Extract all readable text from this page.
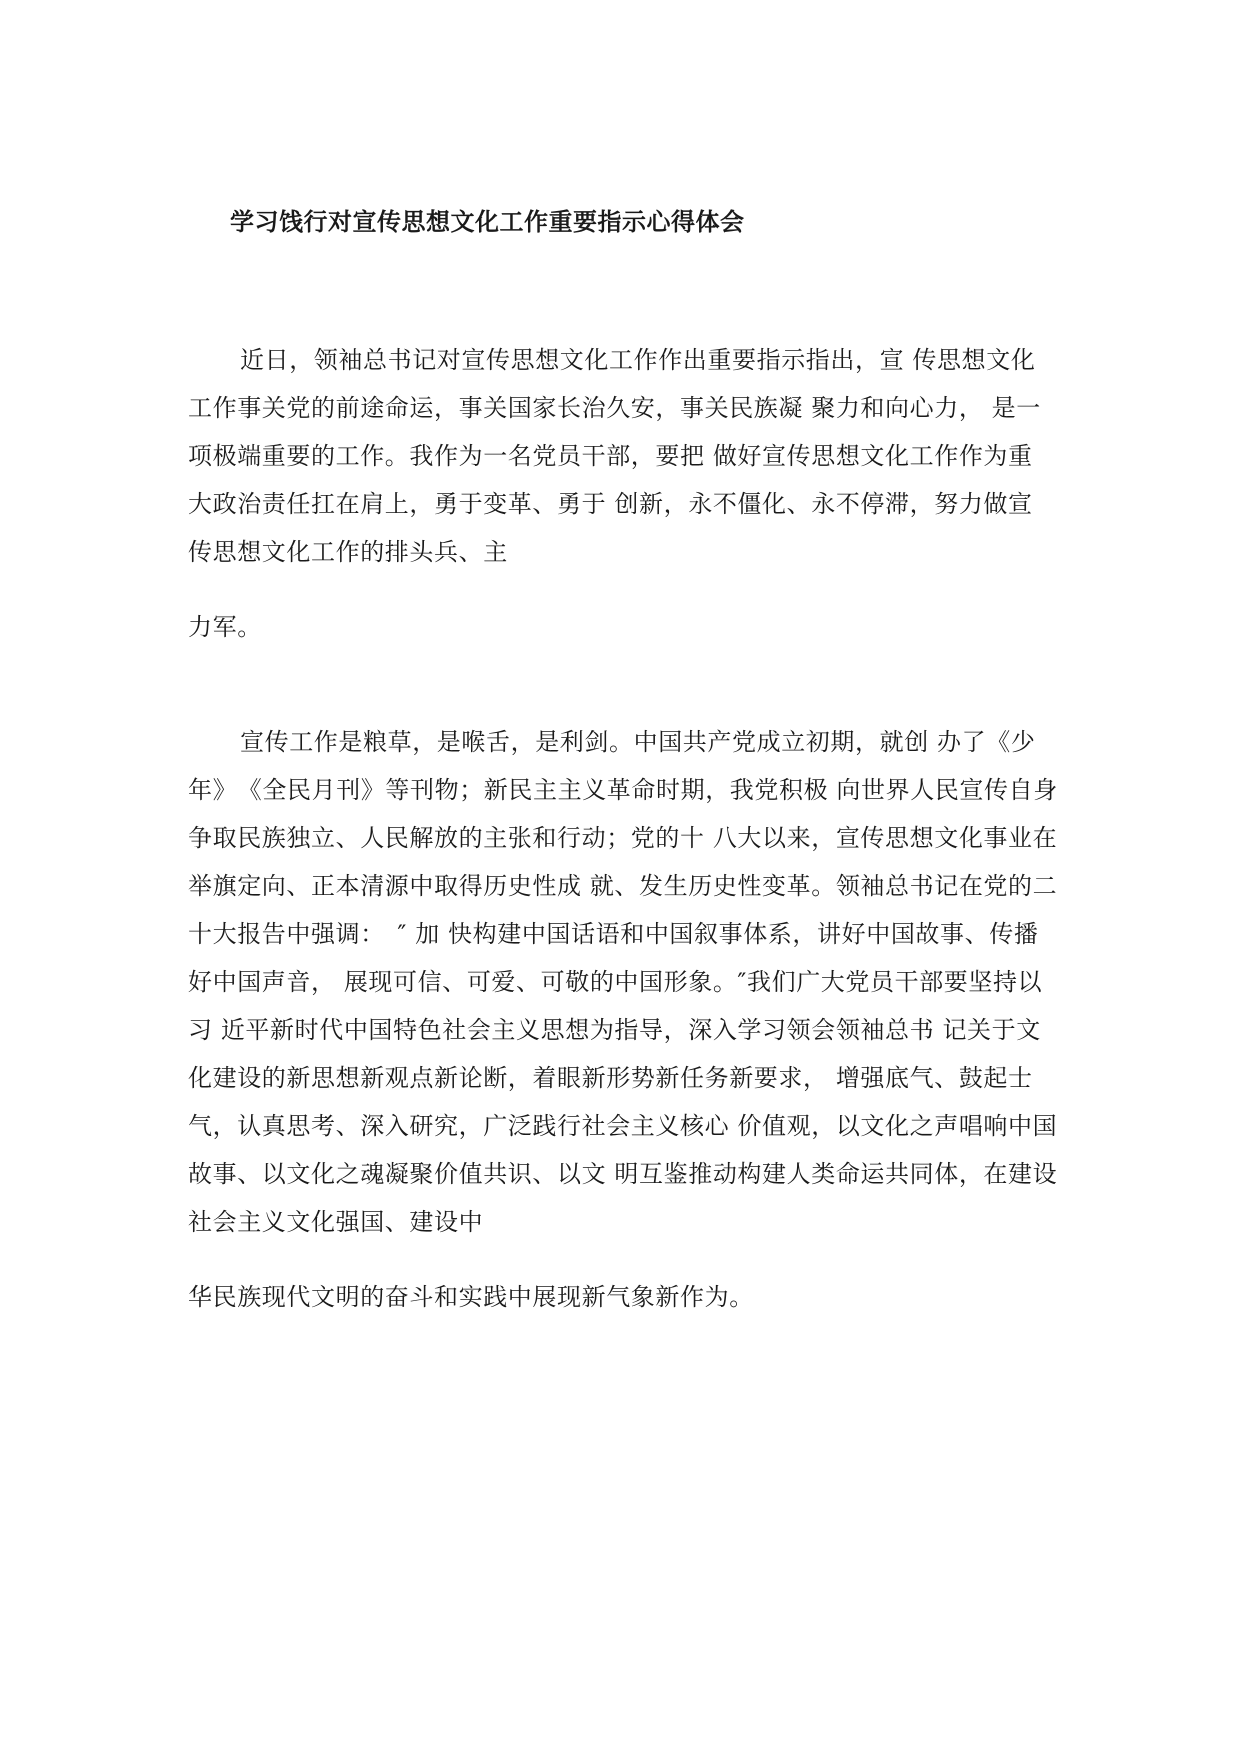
学习饯行对宣传思想文化工作重要指示心得体会
近日，领袖总书记对宣传思想文化工作作出重要指示指出，宣 传思想文化
工作事关党的前途命运，事关国家长治久安，事关民族凝 聚力和向心力， 是一
项极端重要的工作。我作为一名党员干部，要把 做好宣传思想文化工作作为重
大政治责任扛在肩上，勇于变革、勇于 创新，永不僵化、永不停滞，努力做宣
传思想文化工作的排头兵、主
力军。
宣传工作是粮草，是喉舌，是利剑。中国共产党成立初期，就创 办了《少
年》　《全民月刊》等刊物；新民主主义革命时期，我党积极 向世界人民宣传自身
争取民族独立、人民解放的主张和行动；党的十 八大以来，宣传思想文化事业在
举旗定向、正本清源中取得历史性成 就、发生历史性变革。领袖总书记在党的二
十大报告中强调：　″ 加 快构建中国话语和中国叙事体系，讲好中国故事、传播
好中国声音， 展现可信、可爱、可敬的中国形象。″我们广大党员干部要坚持以
习 近平新时代中国特色社会主义思想为指导，深入学习领会领袖总书 记关于文
化建设的新思想新观点新论断，着眼新形势新任务新要求， 增强底气、鼓起士
气，认真思考、深入研究，广泛践行社会主义核心 价值观，以文化之声唱响中国
故事、以文化之魂凝聚价值共识、以文 明互鉴推动构建人类命运共同体，在建设
社会主义文化强国、建设中
华民族现代文明的奋斗和实践中展现新气象新作为。
